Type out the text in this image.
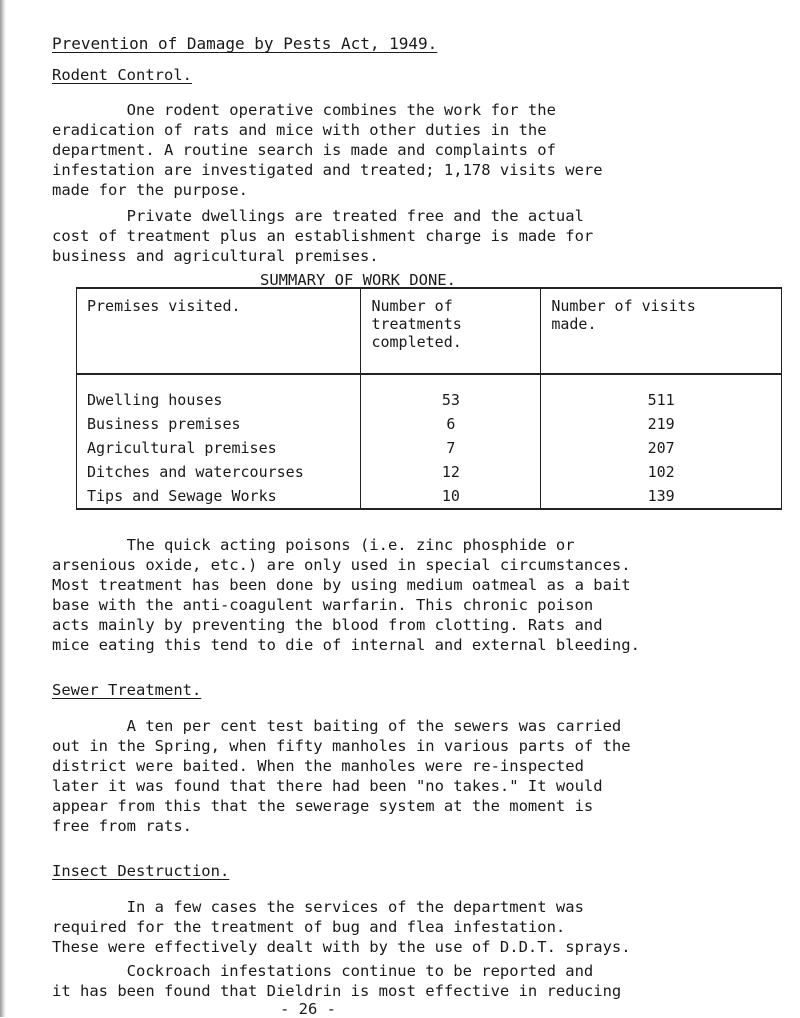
Prevention of Damage by Pests Act, 1949.
Rodent Control.
One rodent operative combines the work for the
eradication of rats and mice with other duties in the
department. A routine search is made and complaints of
infestation are investigated and treated; 1,178 visits were
made for the purpose.
Private dwellings are treated free and the actual
cost of treatment plus an establishment charge is made for
business and agricultural premises.
SUMMARY OF WORK DONE.
Premises visited.	Number of treatments completed.	Number of visits made.
Dwelling houses	53	511
Business premises	6	219
Agricultural premises	7	207
Ditches and watercourses	12	102
Tips and Sewage Works	10	139
The quick acting poisons (i.e. zinc phosphide or
arsenious oxide, etc.) are only used in special circumstances.
Most treatment has been done by using medium oatmeal as a bait
base with the anti-coagulent warfarin. This chronic poison
acts mainly by preventing the blood from clotting. Rats and
mice eating this tend to die of internal and external bleeding.
Sewer Treatment.
A ten per cent test baiting of the sewers was carried
out in the Spring, when fifty manholes in various parts of the
district were baited. When the manholes were re-inspected
later it was found that there had been "no takes." It would
appear from this that the sewerage system at the moment is
free from rats.
Insect Destruction.
In a few cases the services of the department was
required for the treatment of bug and flea infestation.
These were effectively dealt with by the use of D.D.T. sprays.
Cockroach infestations continue to be reported and
it has been found that Dieldrin is most effective in reducing
- 26 -
